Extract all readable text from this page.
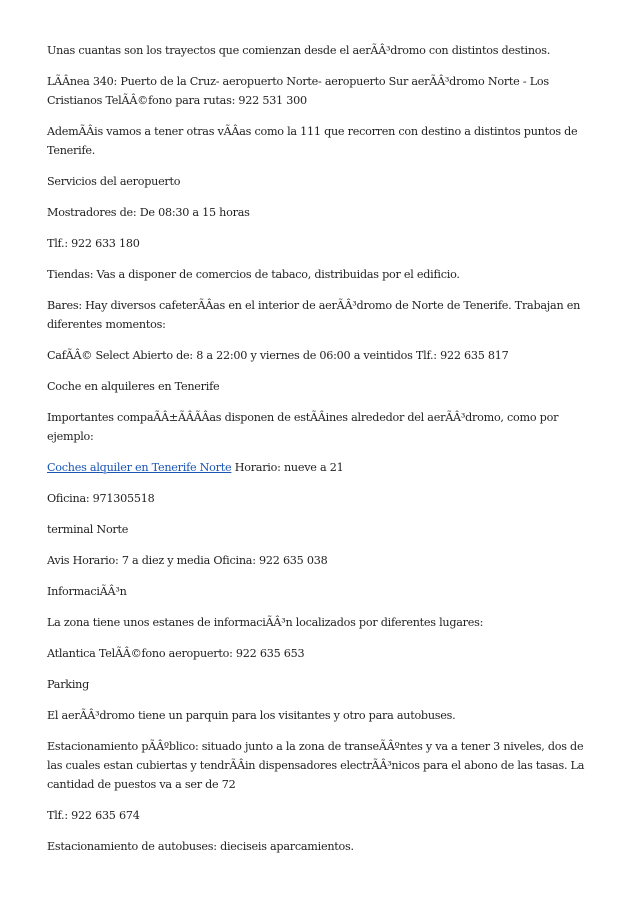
Unas cuantas son los trayectos que comienzan desde el aerÃÂ³dromo con distintos destinos.

LÃÂnea 340: Puerto de la Cruz- aeropuerto Norte- aeropuerto Sur aerÃÂ³dromo Norte - Los Cristianos TelÃÂ©fono para rutas: 922 531 300

AdemÃÂis vamos a tener otras vÃÂas como la 111 que recorren con destino a distintos puntos de Tenerife.

Servicios del aeropuerto

Mostradores de: De 08:30 a 15 horas

Tlf.: 922 633 180

Tiendas: Vas a disponer de comercios de tabaco, distribuidas por el edificio.

Bares: Hay diversos cafeterÃÂas en el interior de aerÃÂ³dromo de Norte de Tenerife. Trabajan en diferentes momentos:

CafÃÂ© Select Abierto de: 8 a 22:00 y viernes de 06:00 a veintidos Tlf.: 922 635 817

Coche en alquileres en Tenerife

Importantes compaÃÂ±ÃÂÃÂas disponen de estÃÂines alrededor del aerÃÂ³dromo, como por ejemplo:

Coches alquiler en Tenerife Norte Horario: nueve a 21

Oficina: 971305518

terminal Norte

Avis Horario: 7 a diez y media Oficina: 922 635 038

InformaciÃÂ³n

La zona tiene unos estanes de informaciÃÂ³n localizados por diferentes lugares:

Atlantica TelÃÂ©fono aeropuerto: 922 635 653

Parking

El aerÃÂ³dromo tiene un parquin para los visitantes y otro para autobuses.

Estacionamiento pÃÂºblico: situado junto a la zona de transeÃÂºntes y va a tener 3 niveles, dos de las cuales estan cubiertas y tendrÃÂin dispensadores electrÃÂ³nicos para el abono de las tasas. La cantidad de puestos va a ser de 72

Tlf.: 922 635 674

Estacionamiento de autobuses: dieciseis aparcamientos.
